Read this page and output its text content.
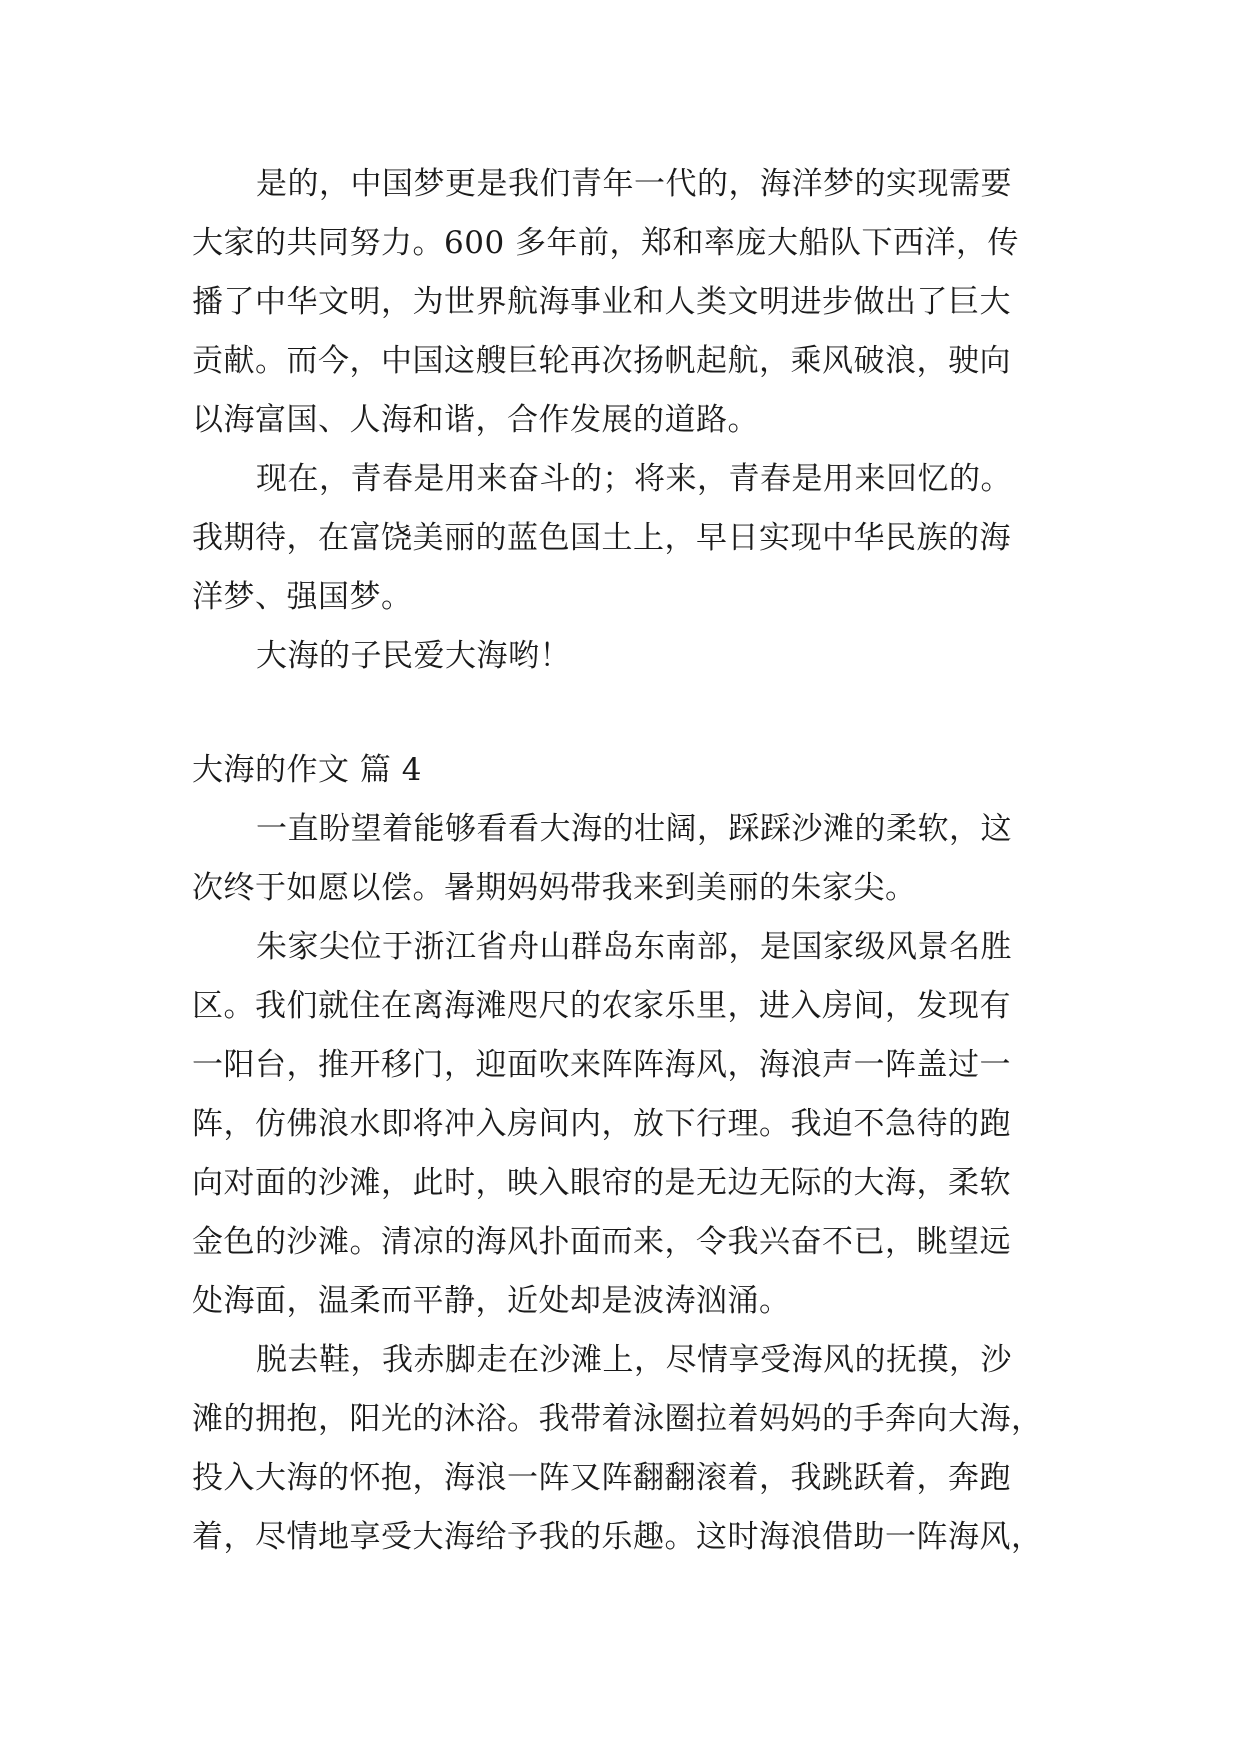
是的，中国梦更是我们青年一代的，海洋梦的实现需要
大家的共同努力。600 多年前，郑和率庞大船队下西洋，传
播了中华文明，为世界航海事业和人类文明进步做出了巨大
贡献。而今，中国这艘巨轮再次扬帆起航，乘风破浪，驶向
以海富国、人海和谐，合作发展的道路。
现在，青春是用来奋斗的；将来，青春是用来回忆的。
我期待，在富饶美丽的蓝色国土上，早日实现中华民族的海
洋梦、强国梦。
大海的子民爱大海哟！
大海的作文 篇 4
一直盼望着能够看看大海的壮阔，踩踩沙滩的柔软，这
次终于如愿以偿。暑期妈妈带我来到美丽的朱家尖。
朱家尖位于浙江省舟山群岛东南部，是国家级风景名胜
区。我们就住在离海滩咫尺的农家乐里，进入房间，发现有
一阳台，推开移门，迎面吹来阵阵海风，海浪声一阵盖过一
阵，仿佛浪水即将冲入房间内，放下行理。我迫不急待的跑
向对面的沙滩，此时，映入眼帘的是无边无际的大海，柔软
金色的沙滩。清凉的海风扑面而来，令我兴奋不已，眺望远
处海面，温柔而平静，近处却是波涛汹涌。
脱去鞋，我赤脚走在沙滩上，尽情享受海风的抚摸，沙
滩的拥抱，阳光的沐浴。我带着泳圈拉着妈妈的手奔向大海，
投入大海的怀抱，海浪一阵又阵翻翻滚着，我跳跃着，奔跑
着，尽情地享受大海给予我的乐趣。这时海浪借助一阵海风，
